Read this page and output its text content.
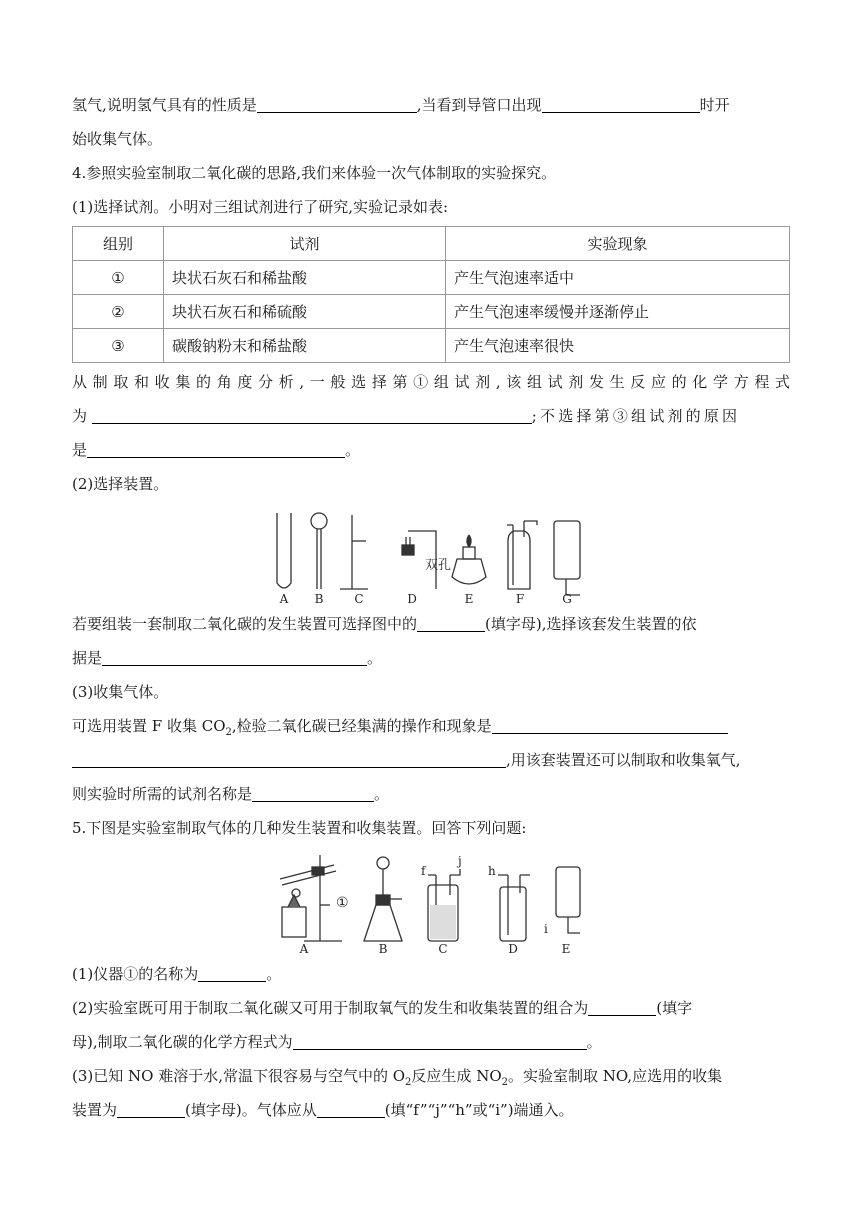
氢气,说明氢气具有的性质是	,当看到导管口出现	时开
始收集气体。
4.参照实验室制取二氧化碳的思路,我们来体验一次气体制取的实验探究。
(1)选择试剂。小明对三组试剂进行了研究,实验记录如表:
组别	试剂	实验现象
①	块状石灰石和稀盐酸	产生气泡速率适中
②	块状石灰石和稀硫酸	产生气泡速率缓慢并逐渐停止
③	碳酸钠粉末和稀盐酸	产生气泡速率很快
从制取和收集的角度分析,一般选择第①组试剂,该组试剂发生反应的化学方程式
为	;不选择第③组试剂的原因
是	。
(2)选择装置。
双孔
A B	C	D	E	F	G
若要组装一套制取二氧化碳的发生装置可选择图中的	(填字母),选择该套发生装置的依
据是	。
(3)收集气体。
可选用装置 F 收集 $CO_2$,检验二氧化碳已经集满的操作和现象是
,用该套装置还可以制取和收集氧气,
则实验时所需的试剂名称是	。
5.下图是实验室制取气体的几种发生装置和收集装置。回答下列问题:
①
f
j
h
i
A	B	C	D	E
(1)仪器①的名称为	。
(2)实验室既可用于制取二氧化碳又可用于制取氧气的发生和收集装置的组合为	(填字
母),制取二氧化碳的化学方程式为	。
(3)已知 NO 难溶于水,常温下很容易与空气中的 $O_2$反应生成 $NO_2$。实验室制取 NO,应选用的收集
装置为	(填字母)。气体应从	(填“f”“j”“h”或“i”)端通入。
